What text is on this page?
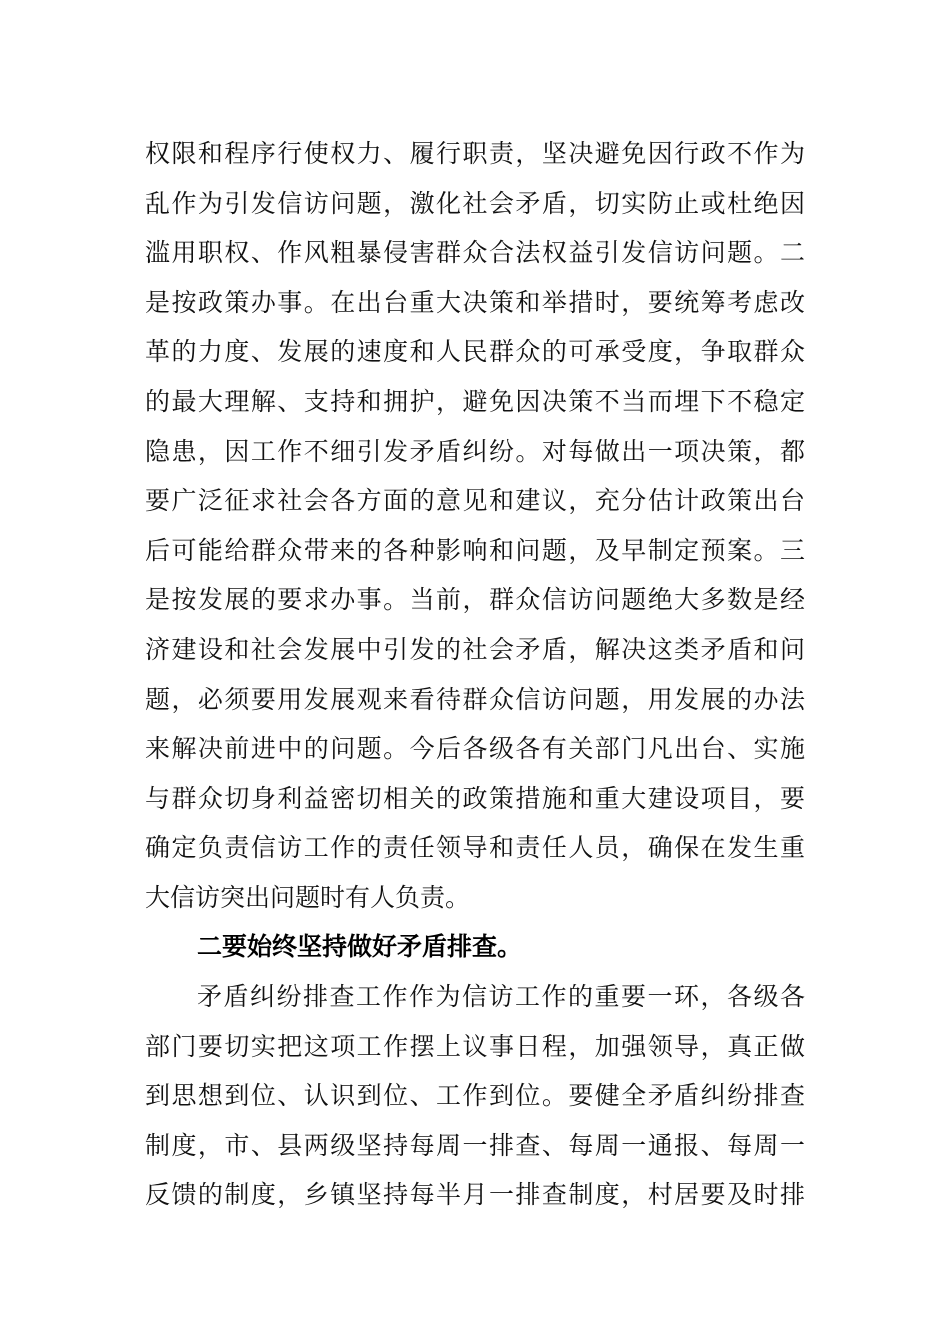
权限和程序行使权力、履行职责，坚决避免因行政不作为
乱作为引发信访问题，激化社会矛盾，切实防止或杜绝因
滥用职权、作风粗暴侵害群众合法权益引发信访问题。二
是按政策办事。在出台重大决策和举措时，要统筹考虑改
革的力度、发展的速度和人民群众的可承受度，争取群众
的最大理解、支持和拥护，避免因决策不当而埋下不稳定
隐患，因工作不细引发矛盾纠纷。对每做出一项决策，都
要广泛征求社会各方面的意见和建议，充分估计政策出台
后可能给群众带来的各种影响和问题，及早制定预案。三
是按发展的要求办事。当前，群众信访问题绝大多数是经
济建设和社会发展中引发的社会矛盾，解决这类矛盾和问
题，必须要用发展观来看待群众信访问题，用发展的办法
来解决前进中的问题。今后各级各有关部门凡出台、实施
与群众切身利益密切相关的政策措施和重大建设项目，要
确定负责信访工作的责任领导和责任人员，确保在发生重
大信访突出问题时有人负责。
二要始终坚持做好矛盾排查。
矛盾纠纷排查工作作为信访工作的重要一环，各级各
部门要切实把这项工作摆上议事日程，加强领导，真正做
到思想到位、认识到位、工作到位。要健全矛盾纠纷排查
制度，市、县两级坚持每周一排查、每周一通报、每周一
反馈的制度，乡镇坚持每半月一排查制度，村居要及时排
